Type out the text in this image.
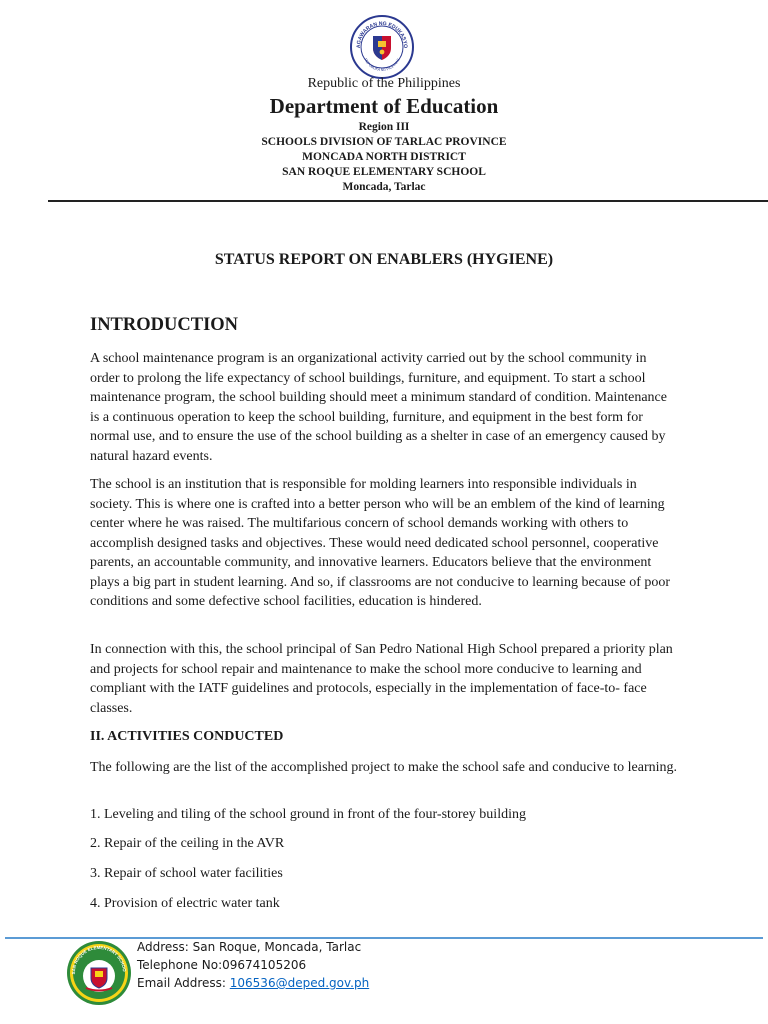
AGAWARAN NG EDUKASYO
REPUBLIKA NG PILIPINAS
Republic of the Philippines
Department of Education
Region III
SCHOOLS DIVISION OF TARLAC PROVINCE
MONCADA NORTH DISTRICT
SAN ROQUE ELEMENTARY SCHOOL
Moncada, Tarlac
STATUS REPORT ON ENABLERS (HYGIENE)
INTRODUCTION
A school maintenance program is an organizational activity carried out by the school community in order to prolong the life expectancy of school buildings, furniture, and equipment. To start a school maintenance program, the school building should meet a minimum standard of condition. Maintenance is a continuous operation to keep the school building, furniture, and equipment in the best form for normal use, and to ensure the use of the school building as a shelter in case of an emergency caused by natural hazard events.
The school is an institution that is responsible for molding learners into responsible individuals in society. This is where one is crafted into a better person who will be an emblem of the kind of learning center where he was raised. The multifarious concern of school demands working with others to accomplish designed tasks and objectives. These would need dedicated school personnel, cooperative parents, an accountable community, and innovative learners. Educators believe that the environment plays a big part in student learning. And so, if classrooms are not conducive to learning because of poor conditions and some defective school facilities, education is hindered.
In connection with this, the school principal of San Pedro National High School prepared a priority plan and projects for school repair and maintenance to make the school more conducive to learning and compliant with the IATF guidelines and protocols, especially in the implementation of face-to- face classes.
II. ACTIVITIES CONDUCTED
The following are the list of the accomplished project to make the school safe and conducive to learning.
1. Leveling and tiling of the school ground in front of the four-storey building
2. Repair of the ceiling in the AVR
3. Repair of school water facilities
4. Provision of electric water tank
SAN ROQUE ELEMENTARY SCHOO
Address: San Roque, Moncada, Tarlac
Telephone No:09674105206
Email Address: 106536@deped.gov.ph
